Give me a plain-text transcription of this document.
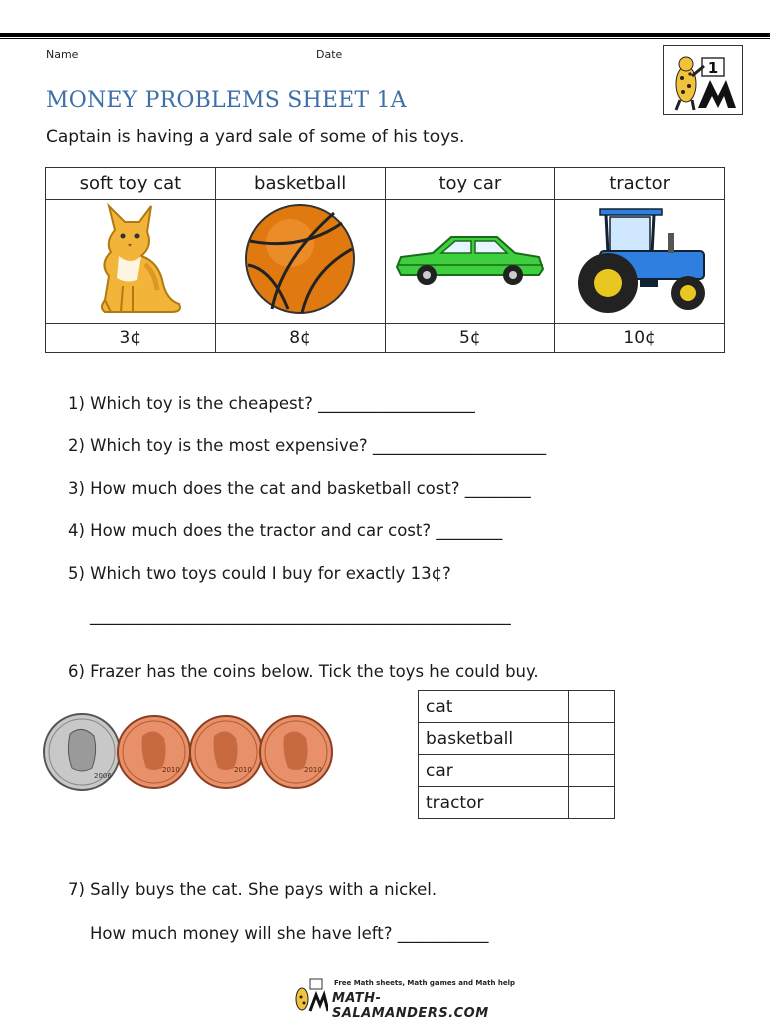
Name	Date
1
MONEY PROBLEMS SHEET 1A
Captain is having a yard sale of some of his toys.
soft toy cat	basketball	toy car	tractor

3¢	8¢	5¢	10¢
1) Which toy is the cheapest? ___________________
2) Which toy is the most expensive? _____________________
3) How much does the cat and basketball cost? ________
4) How much does the tractor and car cost? ________
5) Which two toys could I buy for exactly 13¢?
___________________________________________________
6) Frazer has the coins below. Tick the toys he could buy.
2006
2010	2010	2010
cat	
basketball	
car	
tractor	
7) Sally buys the cat. She pays with a nickel.
How much money will she have left? ___________
Free Math sheets, Math games and Math help
MATH-SALAMANDERS.COM
